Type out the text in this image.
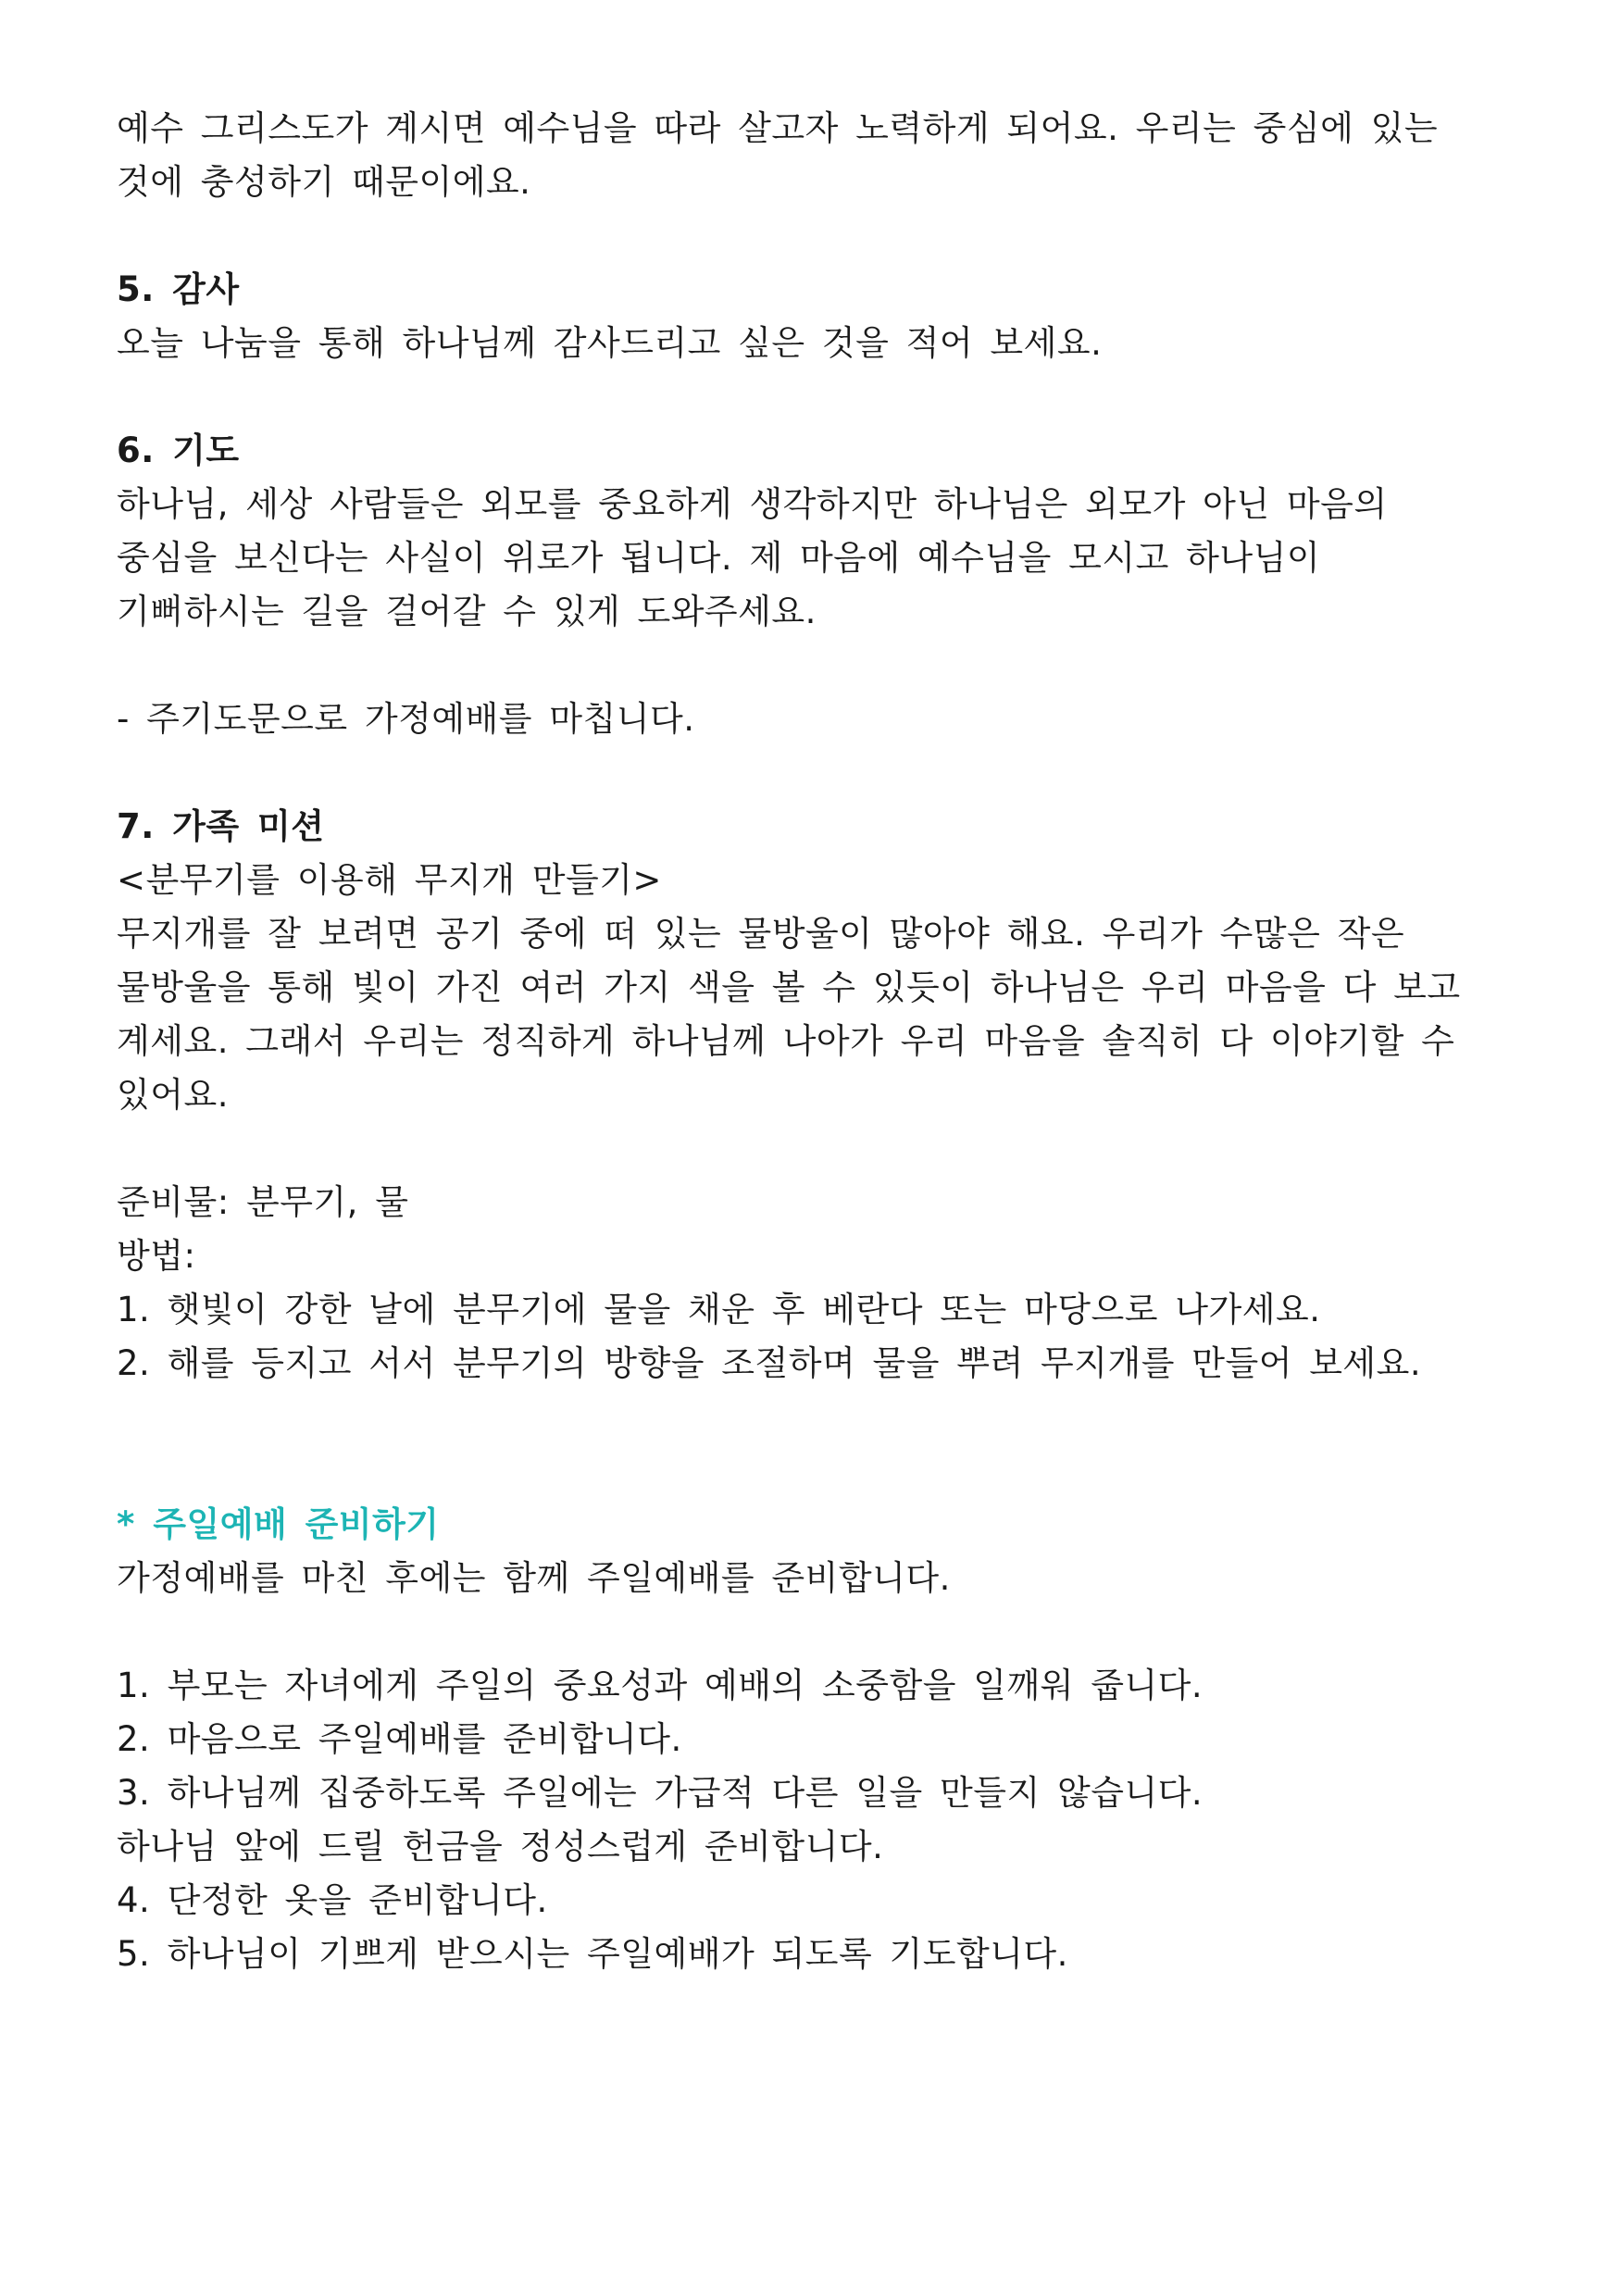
예수 그리스도가 계시면 예수님을 따라 살고자 노력하게 되어요. 우리는 중심에 있는
것에 충성하기 때문이에요.
5. 감사
오늘 나눔을 통해 하나님께 감사드리고 싶은 것을 적어 보세요.
6. 기도
하나님, 세상 사람들은 외모를 중요하게 생각하지만 하나님은 외모가 아닌 마음의
중심을 보신다는 사실이 위로가 됩니다. 제 마음에 예수님을 모시고 하나님이
기뻐하시는 길을 걸어갈 수 있게 도와주세요.
- 주기도문으로 가정예배를 마칩니다.
7. 가족 미션
<분무기를 이용해 무지개 만들기>
무지개를 잘 보려면 공기 중에 떠 있는 물방울이 많아야 해요. 우리가 수많은 작은
물방울을 통해 빛이 가진 여러 가지 색을 볼 수 있듯이 하나님은 우리 마음을 다 보고
계세요. 그래서 우리는 정직하게 하나님께 나아가 우리 마음을 솔직히 다 이야기할 수
있어요.
준비물: 분무기, 물
방법:
1. 햇빛이 강한 날에 분무기에 물을 채운 후 베란다 또는 마당으로 나가세요.
2. 해를 등지고 서서 분무기의 방향을 조절하며 물을 뿌려 무지개를 만들어 보세요.
* 주일예배 준비하기
가정예배를 마친 후에는 함께 주일예배를 준비합니다.
1. 부모는 자녀에게 주일의 중요성과 예배의 소중함을 일깨워 줍니다.
2. 마음으로 주일예배를 준비합니다.
3. 하나님께 집중하도록 주일에는 가급적 다른 일을 만들지 않습니다.
하나님 앞에 드릴 헌금을 정성스럽게 준비합니다.
4. 단정한 옷을 준비합니다.
5. 하나님이 기쁘게 받으시는 주일예배가 되도록 기도합니다.
